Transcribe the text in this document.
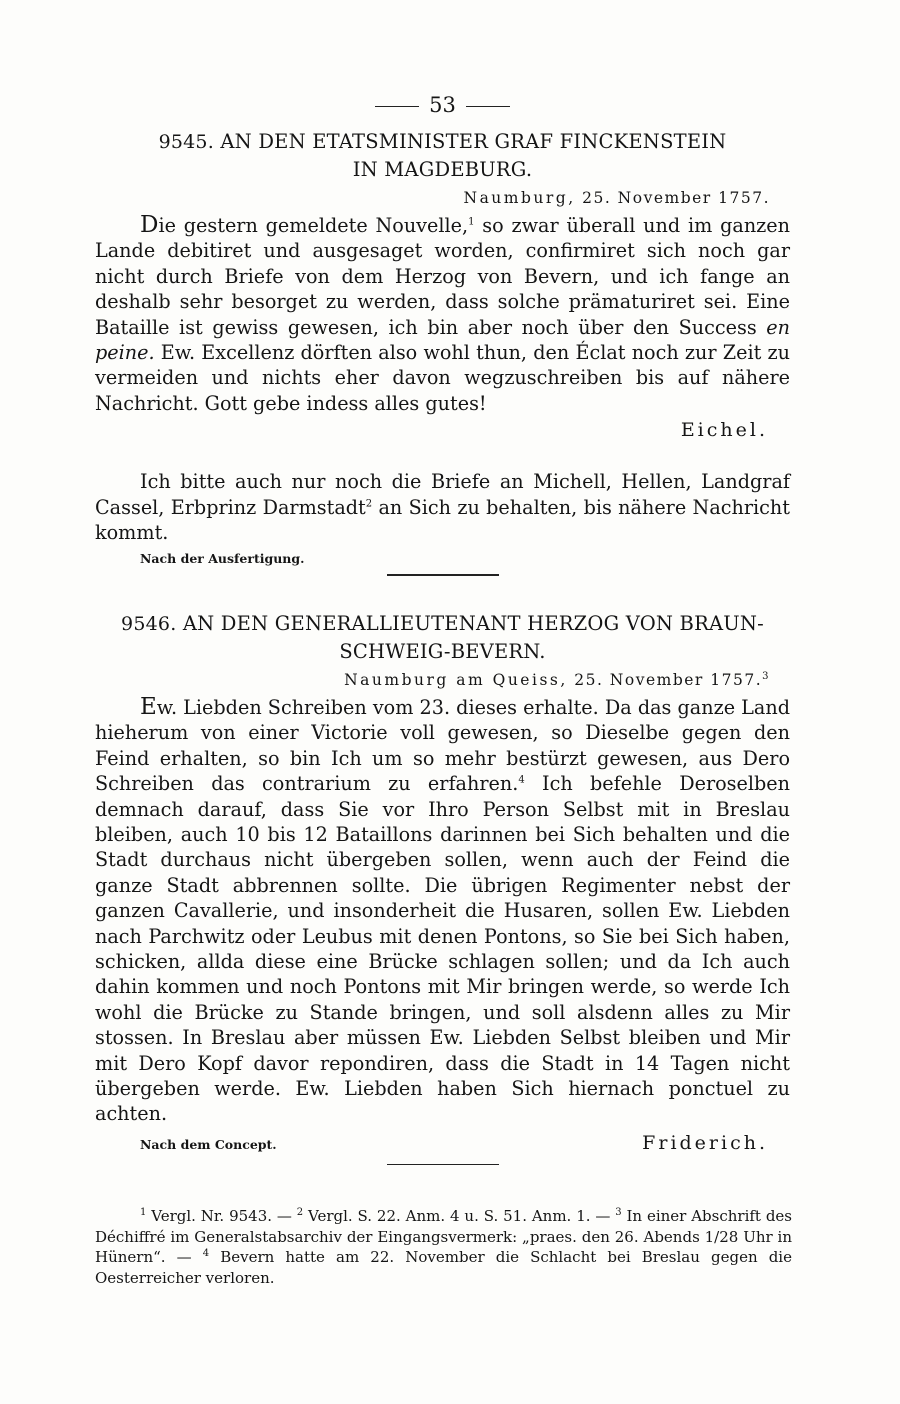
53
9545. AN DEN ETATSMINISTER GRAF FINCKENSTEIN
IN MAGDEBURG.
Naumburg, 25. November 1757.

Die gestern gemeldete Nouvelle,$^1$ so zwar überall und im ganzen Lande debitiret und ausgesaget worden, confirmiret sich noch gar nicht durch Briefe von dem Herzog von Bevern, und ich fange an deshalb sehr besorget zu werden, dass solche prämaturiret sei. Eine Bataille ist gewiss gewesen, ich bin aber noch über den Success en peine. Ew. Excellenz dörften also wohl thun, den Éclat noch zur Zeit zu vermeiden und nichts eher davon wegzuschreiben bis auf nähere Nachricht. Gott gebe indess alles gutes!

Eichel.

Ich bitte auch nur noch die Briefe an Michell, Hellen, Landgraf Cassel, Erbprinz Darmstadt$^2$ an Sich zu behalten, bis nähere Nachricht kommt.

Nach der Ausfertigung.
9546. AN DEN GENERALLIEUTENANT HERZOG VON BRAUN-
SCHWEIG-BEVERN.
Naumburg am Queiss, 25. November 1757.$^3$

Ew. Liebden Schreiben vom 23. dieses erhalte. Da das ganze Land hieherum von einer Victorie voll gewesen, so Dieselbe gegen den Feind erhalten, so bin Ich um so mehr bestürzt gewesen, aus Dero Schreiben das contrarium zu erfahren.$^4$ Ich befehle Deroselben demnach darauf, dass Sie vor Ihro Person Selbst mit in Breslau bleiben, auch 10 bis 12 Bataillons darinnen bei Sich behalten und die Stadt durchaus nicht übergeben sollen, wenn auch der Feind die ganze Stadt abbrennen sollte. Die übrigen Regimenter nebst der ganzen Cavallerie, und insonderheit die Husaren, sollen Ew. Liebden nach Parchwitz oder Leubus mit denen Pontons, so Sie bei Sich haben, schicken, allda diese eine Brücke schlagen sollen; und da Ich auch dahin kommen und noch Pontons mit Mir bringen werde, so werde Ich wohl die Brücke zu Stande bringen, und soll alsdenn alles zu Mir stossen. In Breslau aber müssen Ew. Liebden Selbst bleiben und Mir mit Dero Kopf davor repondiren, dass die Stadt in 14 Tagen nicht übergeben werde. Ew. Liebden haben Sich hiernach ponctuel zu achten.

Nach dem Concept.	Friderich.
$^1$ Vergl. Nr. 9543. — $^2$ Vergl. S. 22. Anm. 4 u. S. 51. Anm. 1. — $^3$ In einer Abschrift des Déchiffré im Generalstabsarchiv der Eingangsvermerk: „praes. den 26. Abends 1/28 Uhr in Hünern“. — $^4$ Bevern hatte am 22. November die Schlacht bei Breslau gegen die Oesterreicher verloren.
